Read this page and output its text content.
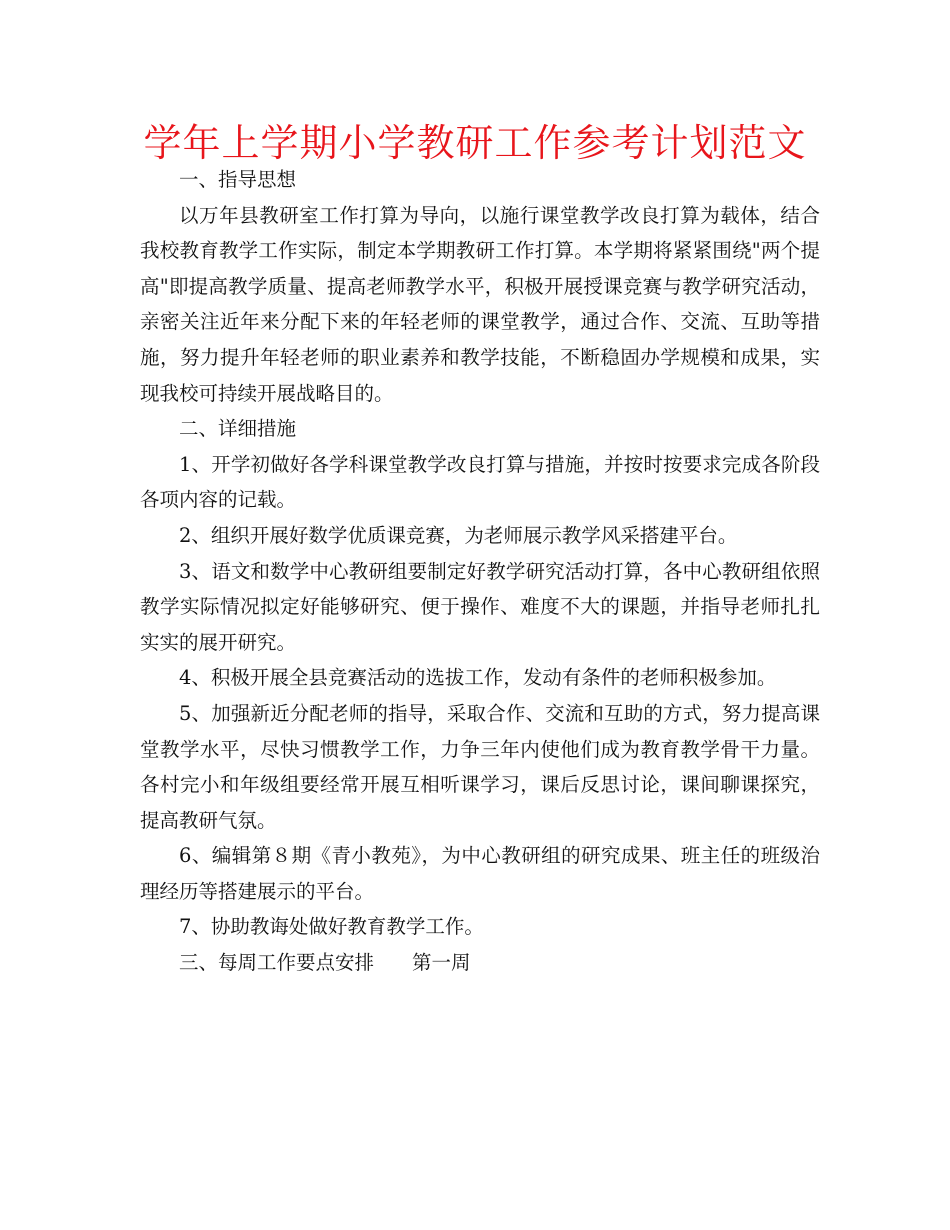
学年上学期小学教研工作参考计划范文

一、指导思想

以万年县教研室工作打算为导向，以施行课堂教学改良打算为载体，结合我校教育教学工作实际，制定本学期教研工作打算。本学期将紧紧围绕"两个提高"即提高教学质量、提高老师教学水平，积极开展授课竞赛与教学研究活动，亲密关注近年来分配下来的年轻老师的课堂教学，通过合作、交流、互助等措施，努力提升年轻老师的职业素养和教学技能，不断稳固办学规模和成果，实现我校可持续开展战略目的。

二、详细措施

1、开学初做好各学科课堂教学改良打算与措施，并按时按要求完成各阶段各项内容的记载。

2、组织开展好数学优质课竞赛，为老师展示教学风采搭建平台。

3、语文和数学中心教研组要制定好教学研究活动打算，各中心教研组依照教学实际情况拟定好能够研究、便于操作、难度不大的课题，并指导老师扎扎实实的展开研究。

4、积极开展全县竞赛活动的选拔工作，发动有条件的老师积极参加。

5、加强新近分配老师的指导，采取合作、交流和互助的方式，努力提高课堂教学水平，尽快习惯教学工作，力争三年内使他们成为教育教学骨干力量。各村完小和年级组要经常开展互相听课学习，课后反思讨论，课间聊课探究，提高教研气氛。

6、编辑第８期《青小教苑》，为中心教研组的研究成果、班主任的班级治理经历等搭建展示的平台。

7、协助教诲处做好教育教学工作。

三、每周工作要点安排 第一周
